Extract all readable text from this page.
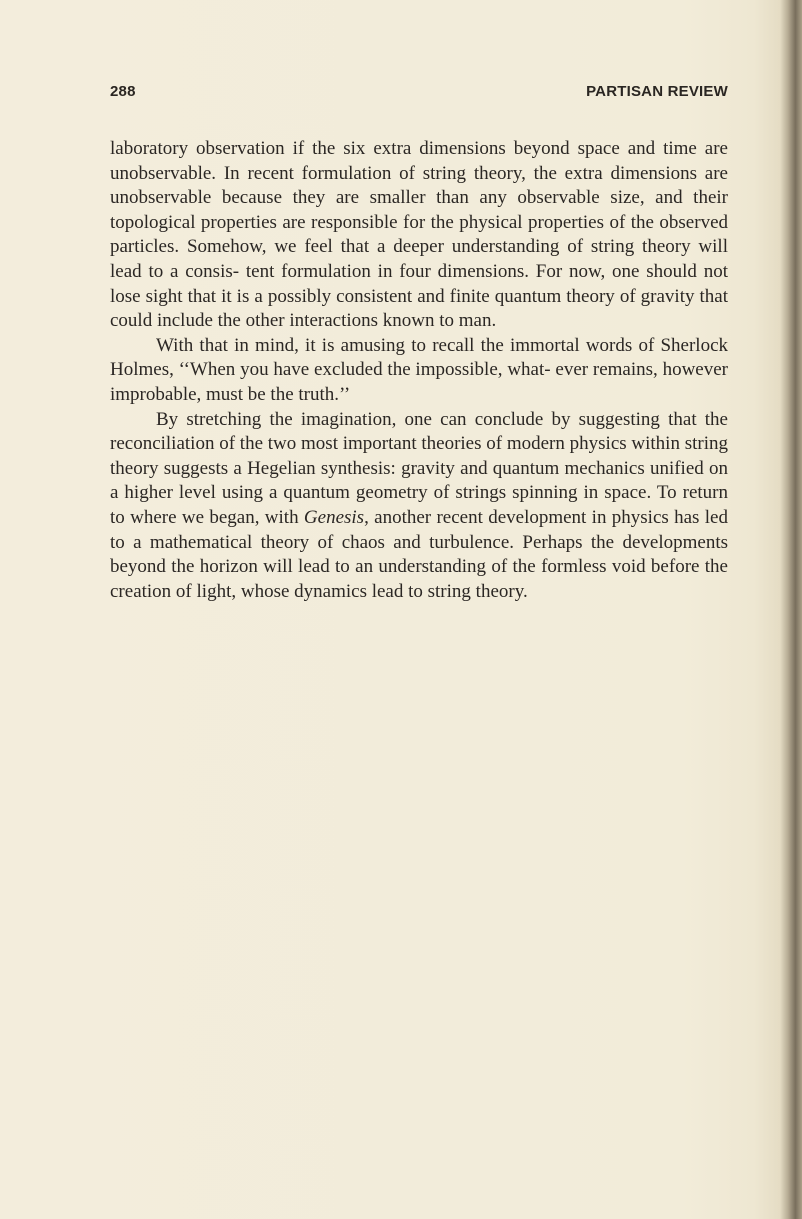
288	PARTISAN REVIEW

laboratory observation if the six extra dimensions beyond space and time are unobservable. In recent formulation of string theory, the extra dimensions are unobservable because they are smaller than any observable size, and their topological properties are responsible for the physical properties of the observed particles. Somehow, we feel that a deeper understanding of string theory will lead to a consis- tent formulation in four dimensions. For now, one should not lose sight that it is a possibly consistent and finite quantum theory of gravity that could include the other interactions known to man.

With that in mind, it is amusing to recall the immortal words of Sherlock Holmes, ‘‘When you have excluded the impossible, what- ever remains, however improbable, must be the truth.’’

By stretching the imagination, one can conclude by suggesting that the reconciliation of the two most important theories of modern physics within string theory suggests a Hegelian synthesis: gravity and quantum mechanics unified on a higher level using a quantum geometry of strings spinning in space. To return to where we began, with Genesis, another recent development in physics has led to a mathematical theory of chaos and turbulence. Perhaps the developments beyond the horizon will lead to an understanding of the formless void before the creation of light, whose dynamics lead to string theory.
